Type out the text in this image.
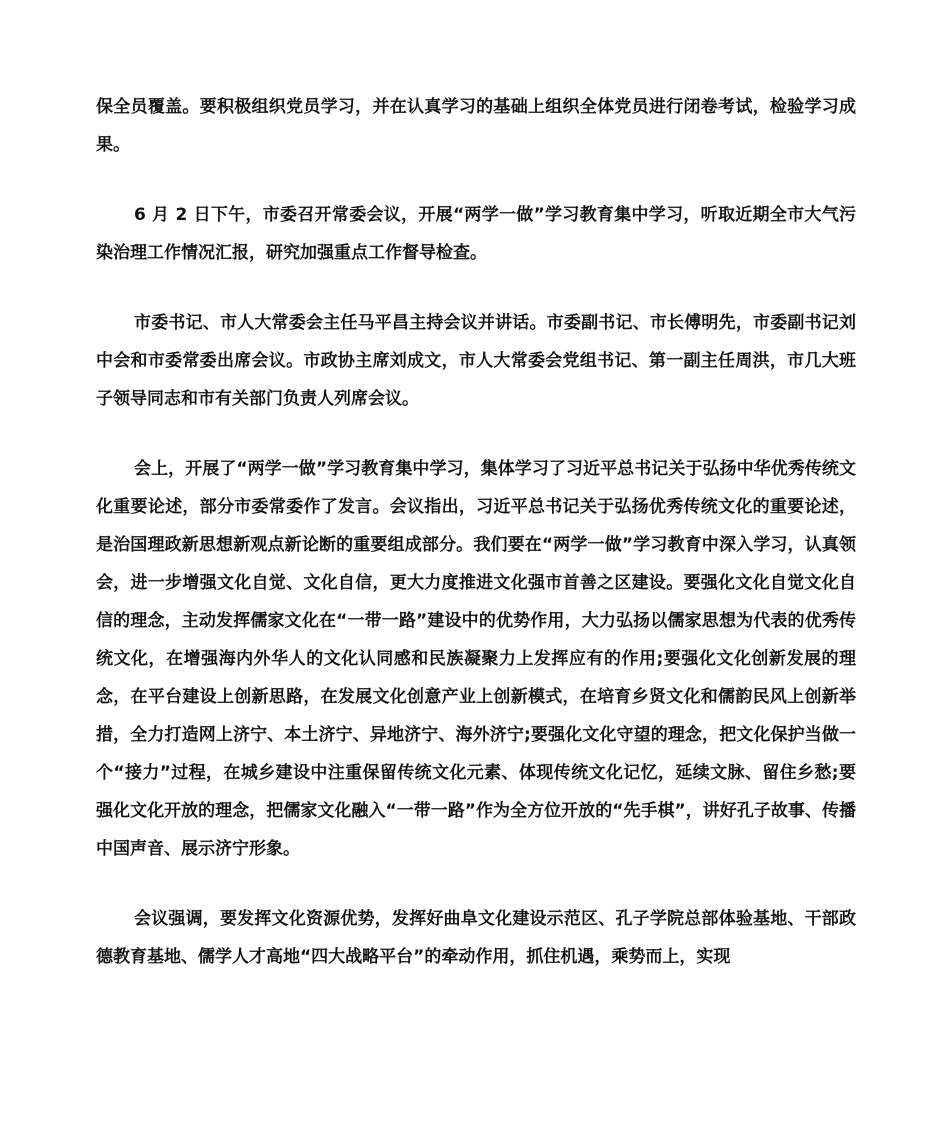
保全员覆盖。要积极组织党员学习，并在认真学习的基础上组织全体党员进行闭卷考试，检验学习成果。

6 月 2 日下午，市委召开常委会议，开展“两学一做”学习教育集中学习，听取近期全市大气污染治理工作情况汇报，研究加强重点工作督导检查。

市委书记、市人大常委会主任马平昌主持会议并讲话。市委副书记、市长傅明先，市委副书记刘中会和市委常委出席会议。市政协主席刘成文，市人大常委会党组书记、第一副主任周洪，市几大班子领导同志和市有关部门负责人列席会议。

会上，开展了“两学一做”学习教育集中学习，集体学习了习近平总书记关于弘扬中华优秀传统文化重要论述，部分市委常委作了发言。会议指出，习近平总书记关于弘扬优秀传统文化的重要论述，是治国理政新思想新观点新论断的重要组成部分。我们要在“两学一做”学习教育中深入学习，认真领会，进一步增强文化自觉、文化自信，更大力度推进文化强市首善之区建设。要强化文化自觉文化自信的理念，主动发挥儒家文化在“一带一路”建设中的优势作用，大力弘扬以儒家思想为代表的优秀传统文化，在增强海内外华人的文化认同感和民族凝聚力上发挥应有的作用;要强化文化创新发展的理念，在平台建设上创新思路，在发展文化创意产业上创新模式，在培育乡贤文化和儒韵民风上创新举措，全力打造网上济宁、本土济宁、异地济宁、海外济宁;要强化文化守望的理念，把文化保护当做一个“接力”过程，在城乡建设中注重保留传统文化元素、体现传统文化记忆，延续文脉、留住乡愁;要强化文化开放的理念，把儒家文化融入“一带一路”作为全方位开放的“先手棋”，讲好孔子故事、传播中国声音、展示济宁形象。

会议强调，要发挥文化资源优势，发挥好曲阜文化建设示范区、孔子学院总部体验基地、干部政德教育基地、儒学人才高地“四大战略平台”的牵动作用，抓住机遇，乘势而上，实现
